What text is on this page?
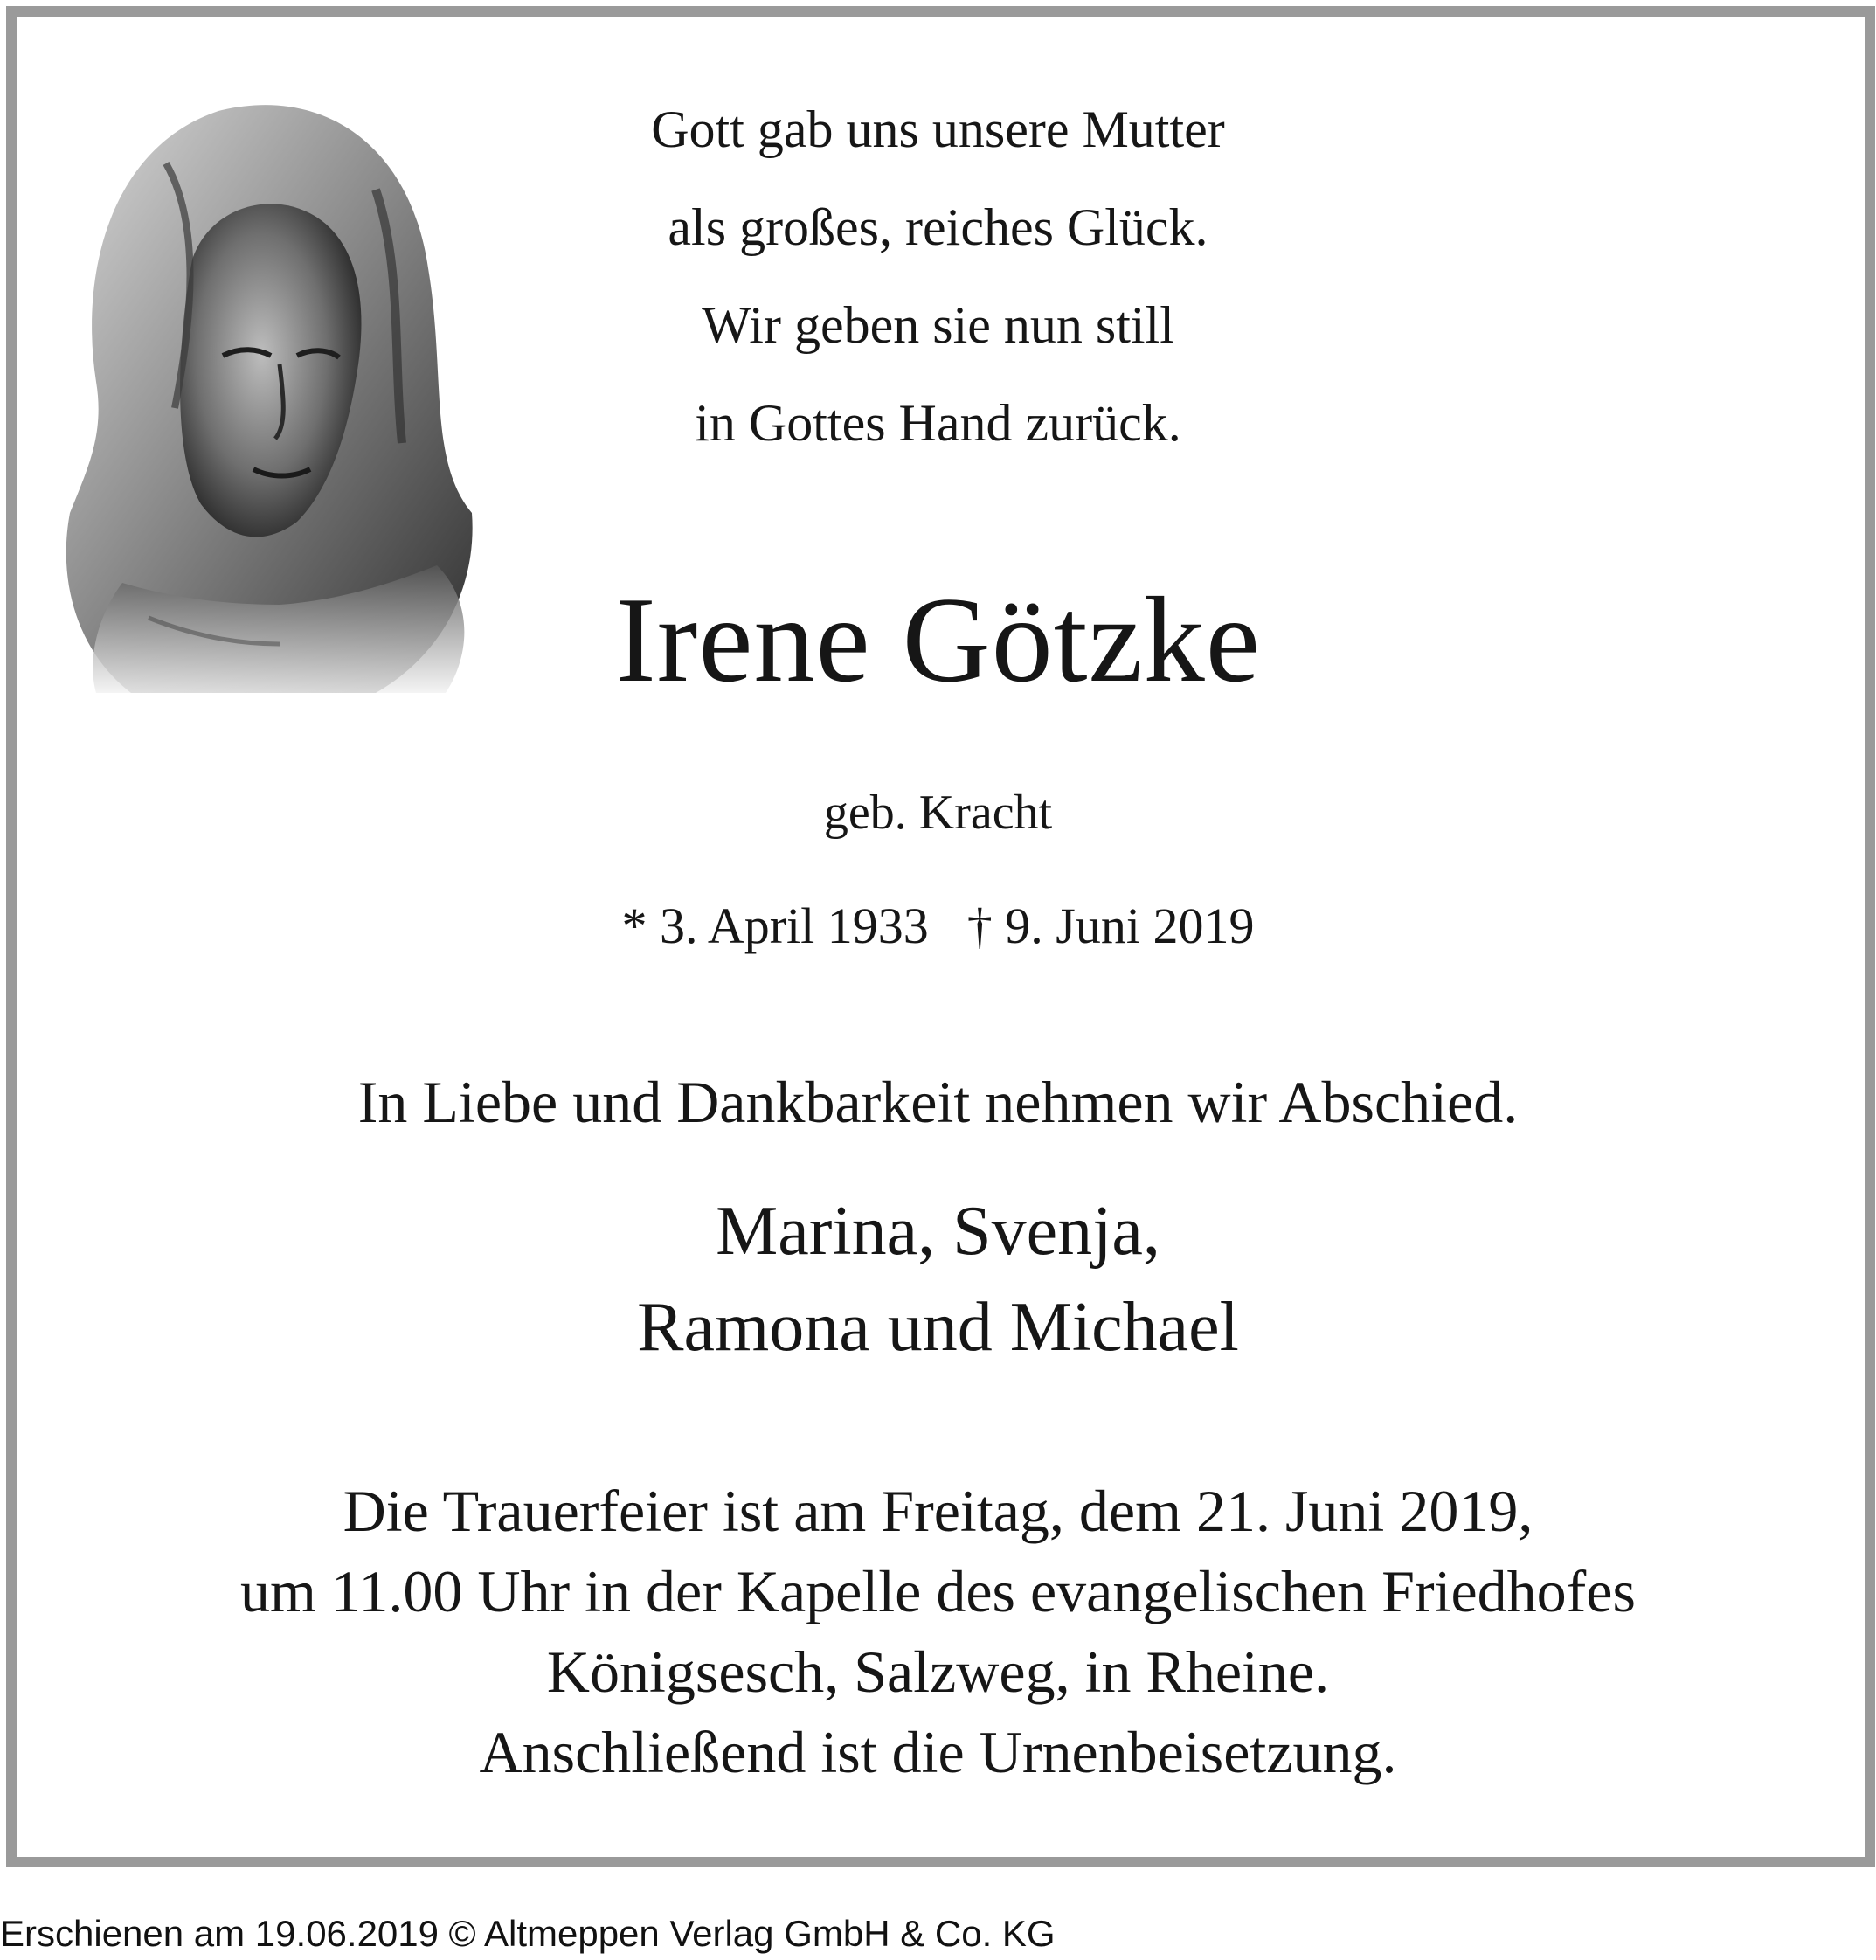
Gott gab uns unsere Mutter
als großes, reiches Glück.
Wir geben sie nun still
in Gottes Hand zurück.
Irene Götzke
geb. Kracht
* 3. April 1933 † 9. Juni 2019
In Liebe und Dankbarkeit nehmen wir Abschied.
Marina, Svenja,
Ramona und Michael
Die Trauerfeier ist am Freitag, dem 21. Juni 2019,
um 11.00 Uhr in der Kapelle des evangelischen Friedhofes
Königsesch, Salzweg, in Rheine.
Anschließend ist die Urnenbeisetzung.
Erschienen am 19.06.2019 © Altmeppen Verlag GmbH & Co. KG
